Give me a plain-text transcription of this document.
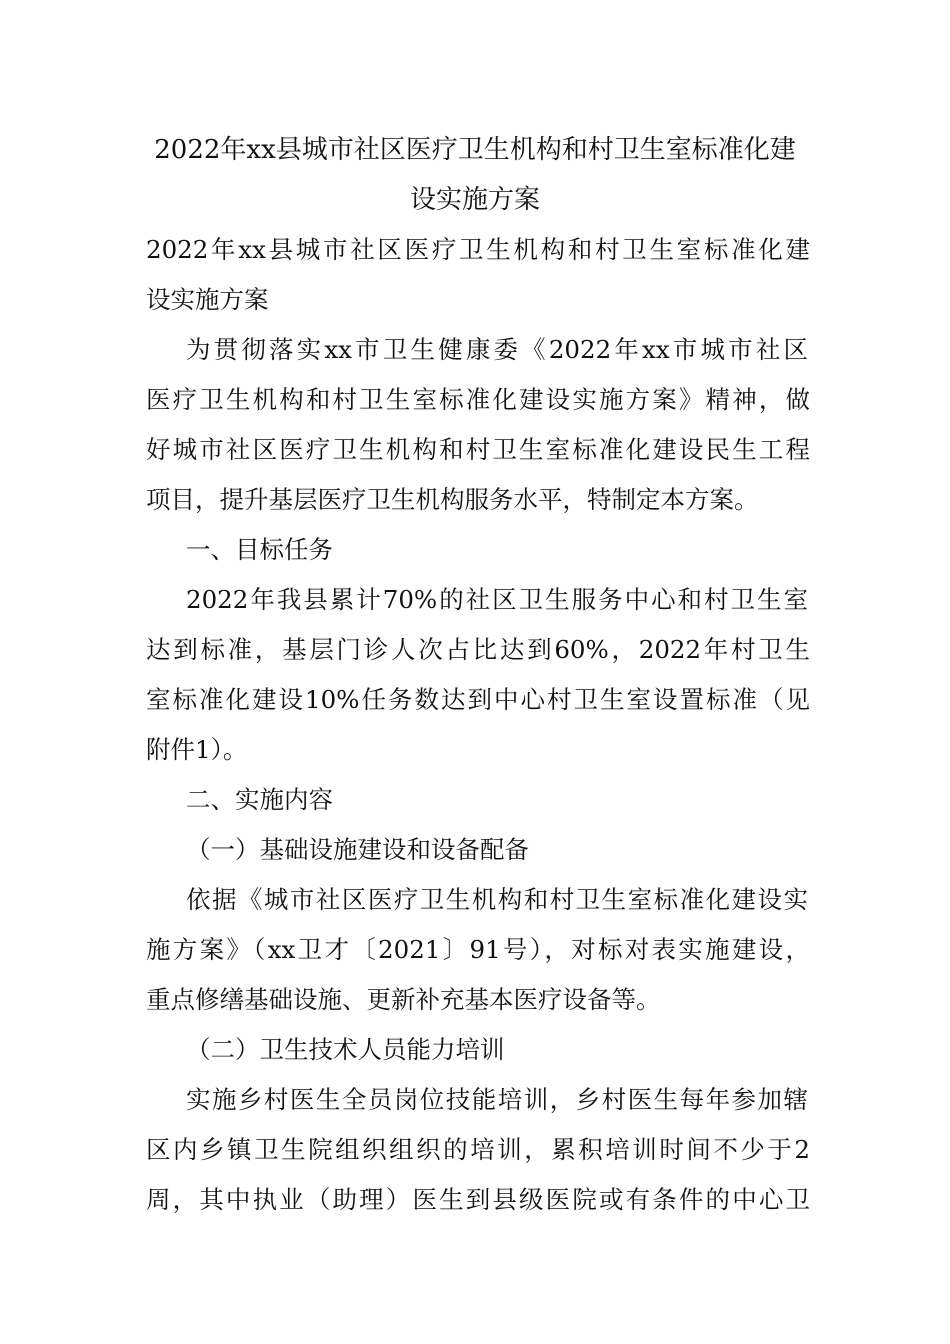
2022年xx县城市社区医疗卫生机构和村卫生室标准化建
设实施方案

2022年xx县城市社区医疗卫生机构和村卫生室标准化建

设实施方案

为贯彻落实xx市卫生健康委《2022年xx市城市社区

医疗卫生机构和村卫生室标准化建设实施方案》精神，做

好城市社区医疗卫生机构和村卫生室标准化建设民生工程

项目，提升基层医疗卫生机构服务水平，特制定本方案。

一、目标任务

2022年我县累计70%的社区卫生服务中心和村卫生室

达到标准，基层门诊人次占比达到60%，2022年村卫生

室标准化建设10%任务数达到中心村卫生室设置标准（见

附件1）。

二、实施内容

（一）基础设施建设和设备配备

依据《城市社区医疗卫生机构和村卫生室标准化建设实

施方案》（xx卫才〔2021〕91号），对标对表实施建设，

重点修缮基础设施、更新补充基本医疗设备等。

（二）卫生技术人员能力培训

实施乡村医生全员岗位技能培训，乡村医生每年参加辖

区内乡镇卫生院组织组织的培训，累积培训时间不少于2

周，其中执业（助理）医生到县级医院或有条件的中心卫
